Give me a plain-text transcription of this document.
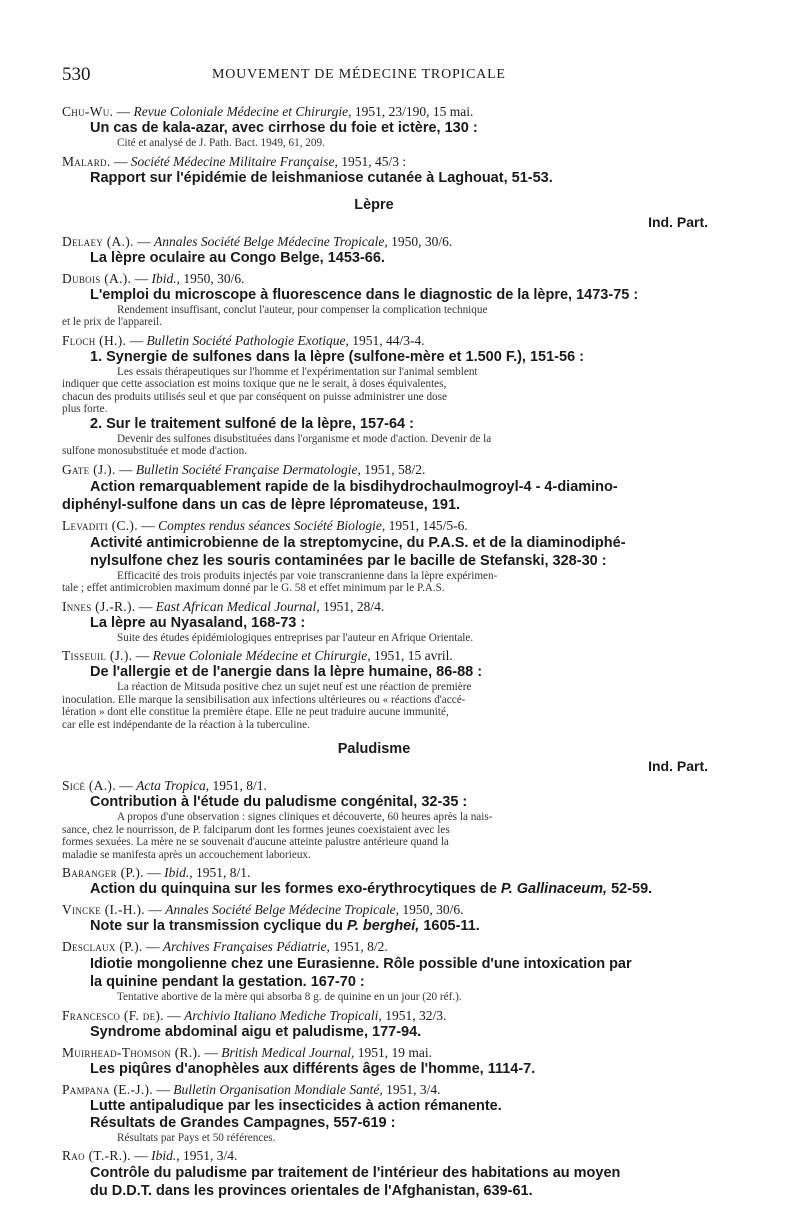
530	MOUVEMENT DE MÉDECINE TROPICALE
Chu-Wu. — Revue Coloniale Médecine et Chirurgie, 1951, 23/190, 15 mai.
Un cas de kala-azar, avec cirrhose du foie et ictère, 130 :
Cité et analysé de J. Path. Bact. 1949, 61, 209.
Malard. — Société Médecine Militaire Française, 1951, 45/3 :
Rapport sur l'épidémie de leishmaniose cutanée à Laghouat, 51-53.
Lèpre
Ind. Part.
Delaey (A.). — Annales Société Belge Médecine Tropicale, 1950, 30/6.
La lèpre oculaire au Congo Belge, 1453-66.
Dubois (A.). — Ibid., 1950, 30/6.
L'emploi du microscope à fluorescence dans le diagnostic de la lèpre, 1473-75 :
Rendement insuffisant, conclut l'auteur, pour compenser la complication technique
et le prix de l'appareil.
Floch (H.). — Bulletin Société Pathologie Exotique, 1951, 44/3-4.
1. Synergie de sulfones dans la lèpre (sulfone-mère et 1.500 F.), 151-56 :
Les essais thérapeutiques sur l'homme et l'expérimentation sur l'animal semblent
indiquer que cette association est moins toxique que ne le serait, à doses équivalentes,
chacun des produits utilisés seul et que par conséquent on puisse administrer une dose
plus forte.
2. Sur le traitement sulfoné de la lèpre, 157-64 :
Devenir des sulfones disubstituées dans l'organisme et mode d'action. Devenir de la
sulfone monosubstituée et mode d'action.
Gate (J.). — Bulletin Société Française Dermatologie, 1951, 58/2.
Action remarquablement rapide de la bisdihydrochaulmogroyl-4 - 4-diamino-
diphényl-sulfone dans un cas de lèpre lépromateuse, 191.
Levaditi (C.). — Comptes rendus séances Société Biologie, 1951, 145/5-6.
Activité antimicrobienne de la streptomycine, du P.A.S. et de la diaminodiphé-
nylsulfone chez les souris contaminées par le bacille de Stefanski, 328-30 :
Efficacité des trois produits injectés par voie transcranienne dans la lèpre expérimen-
tale ; effet antimicrobien maximum donné par le G. 58 et effet minimum par le P.A.S.
Innes (J.-R.). — East African Medical Journal, 1951, 28/4.
La lèpre au Nyasaland, 168-73 :
Suite des études épidémiologiques entreprises par l'auteur en Afrique Orientale.
Tisseuil (J.). — Revue Coloniale Médecine et Chirurgie, 1951, 15 avril.
De l'allergie et de l'anergie dans la lèpre humaine, 86-88 :
La réaction de Mitsuda positive chez un sujet neuf est une réaction de première
inoculation. Elle marque la sensibilisation aux infections ultérieures ou « réactions d'accé-
lération » dont elle constitue la première étape. Elle ne peut traduire aucune immunité,
car elle est indépendante de la réaction à la tuberculine.
Paludisme
Ind. Part.
Sicé (A.). — Acta Tropica, 1951, 8/1.
Contribution à l'étude du paludisme congénital, 32-35 :
A propos d'une observation : signes cliniques et découverte, 60 heures après la nais-
sance, chez le nourrisson, de P. falciparum dont les formes jeunes coexistaient avec les
formes sexuées. La mère ne se souvenait d'aucune atteinte palustre antérieure quand la
maladie se manifesta après un accouchement laborieux.
Baranger (P.). — Ibid., 1951, 8/1.
Action du quinquina sur les formes exo-érythrocytiques de P. Gallinaceum, 52-59.
Vincke (I.-H.). — Annales Société Belge Médecine Tropicale, 1950, 30/6.
Note sur la transmission cyclique du P. berghei, 1605-11.
Desclaux (P.). — Archives Françaises Pédiatrie, 1951, 8/2.
Idiotie mongolienne chez une Eurasienne. Rôle possible d'une intoxication par
la quinine pendant la gestation. 167-70 :
Tentative abortive de la mère qui absorba 8 g. de quinine en un jour (20 réf.).
Francesco (F. de). — Archivio Italiano Mediche Tropicali, 1951, 32/3.
Syndrome abdominal aigu et paludisme, 177-94.
Muirhead-Thomson (R.). — British Medical Journal, 1951, 19 mai.
Les piqûres d'anophèles aux différents âges de l'homme, 1114-7.
Pampana (E.-J.). — Bulletin Organisation Mondiale Santé, 1951, 3/4.
Lutte antipaludique par les insecticides à action rémanente.
Résultats de Grandes Campagnes, 557-619 :
Résultats par Pays et 50 références.
Rao (T.-R.). — Ibid., 1951, 3/4.
Contrôle du paludisme par traitement de l'intérieur des habitations au moyen
du D.D.T. dans les provinces orientales de l'Afghanistan, 639-61.
